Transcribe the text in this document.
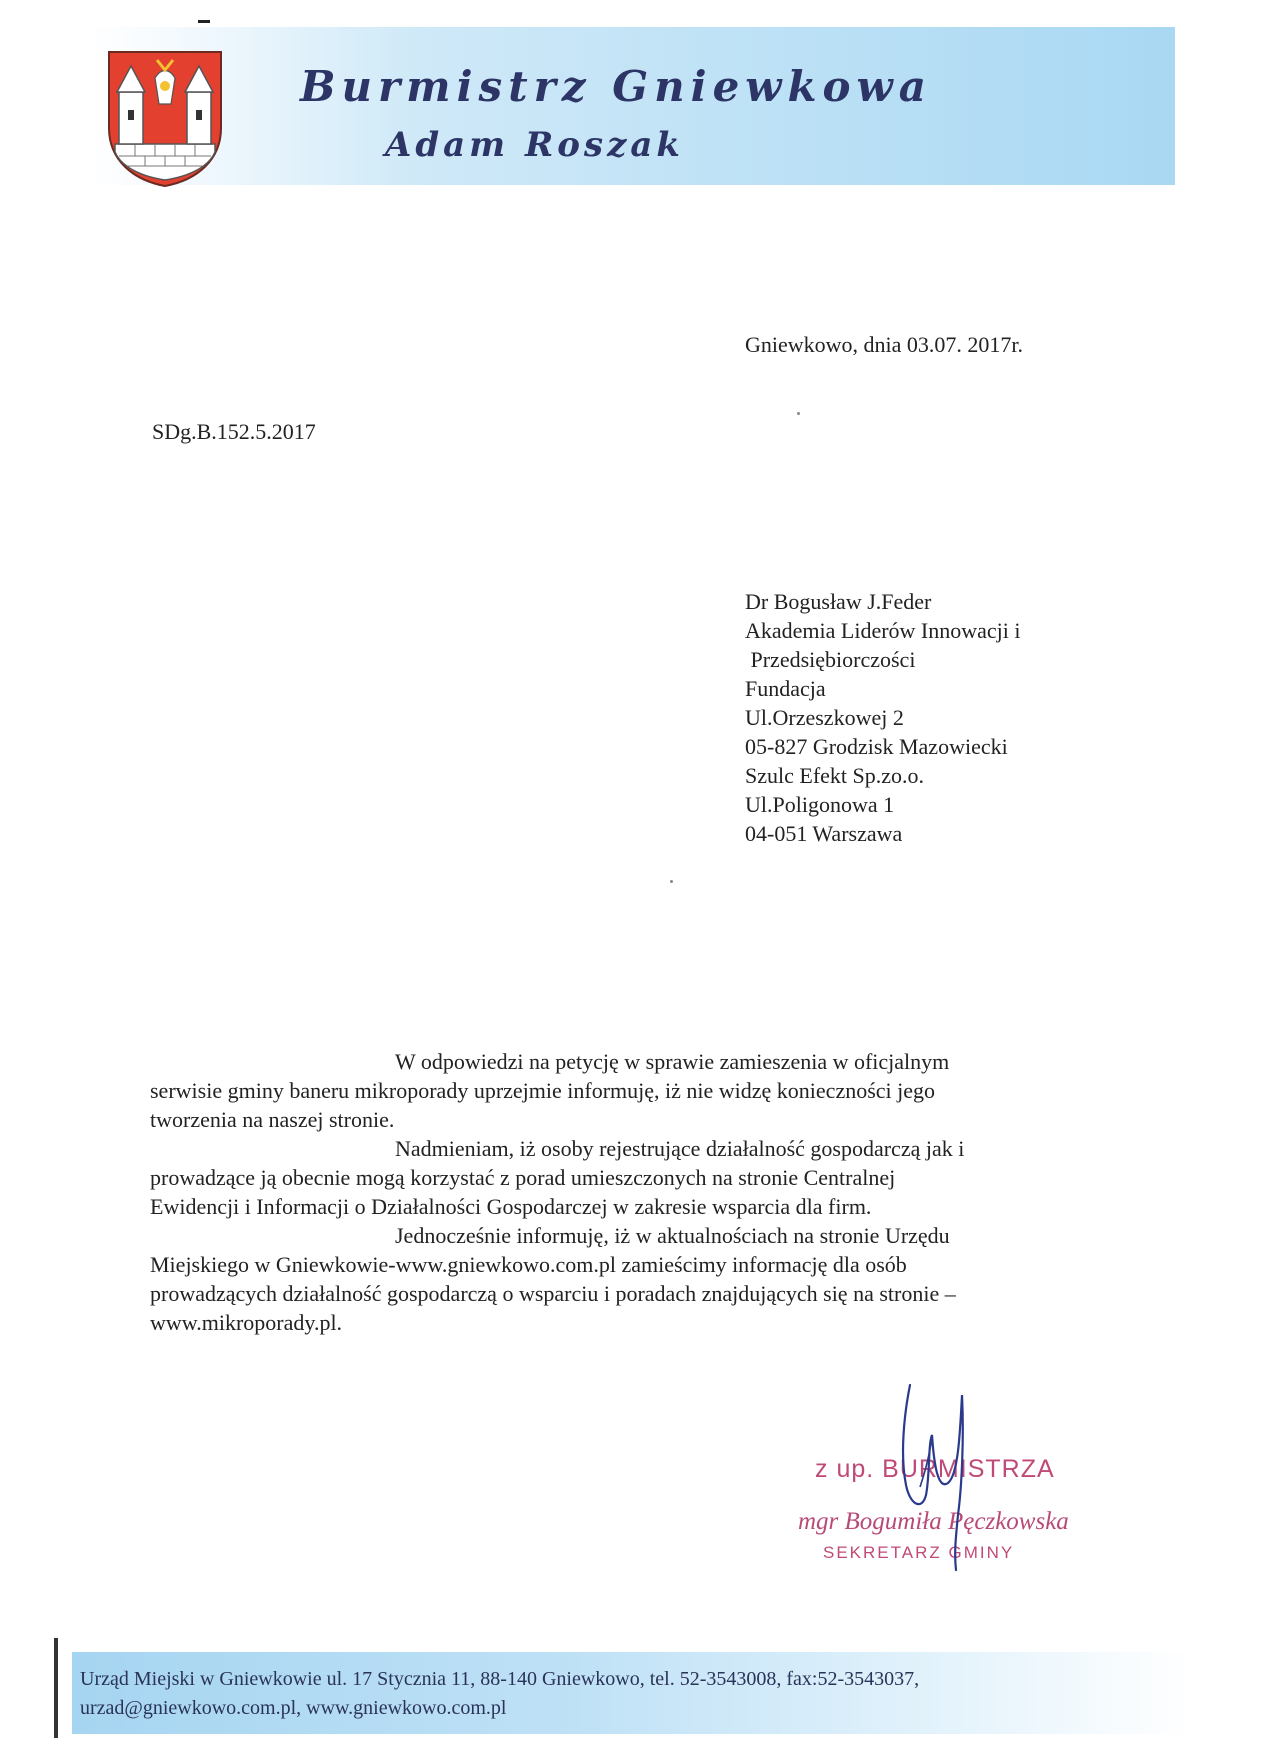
Burmistrz Gniewkowa
Adam Roszak
Gniewkowo, dnia 03.07. 2017r.
SDg.B.152.5.2017
Dr Bogusław J.Feder
Akademia Liderów Innowacji i
Przedsiębiorczości
Fundacja
Ul.Orzeszkowej 2
05-827 Grodzisk Mazowiecki
Szulc Efekt Sp.zo.o.
Ul.Poligonowa 1
04-051 Warszawa
W odpowiedzi na petycję w sprawie zamieszenia w oficjalnym
serwisie gminy baneru mikroporady uprzejmie informuję, iż nie widzę konieczności jego
tworzenia na naszej stronie.
Nadmieniam, iż osoby rejestrujące działalność gospodarczą jak i
prowadzące ją obecnie mogą korzystać z porad umieszczonych na stronie Centralnej
Ewidencji i Informacji o Działalności Gospodarczej w zakresie wsparcia dla firm.
Jednocześnie informuję, iż w aktualnościach na stronie Urzędu
Miejskiego w Gniewkowie-www.gniewkowo.com.pl zamieścimy informację dla osób
prowadzących działalność gospodarczą o wsparciu i poradach znajdujących się na stronie –
www.mikroporady.pl.
z up. BURMISTRZA
mgr Bogumiła Pęczkowska
SEKRETARZ GMINY
Urząd Miejski w Gniewkowie ul. 17 Stycznia 11, 88-140 Gniewkowo, tel. 52-3543008, fax:52-3543037,
urzad@gniewkowo.com.pl, www.gniewkowo.com.pl
